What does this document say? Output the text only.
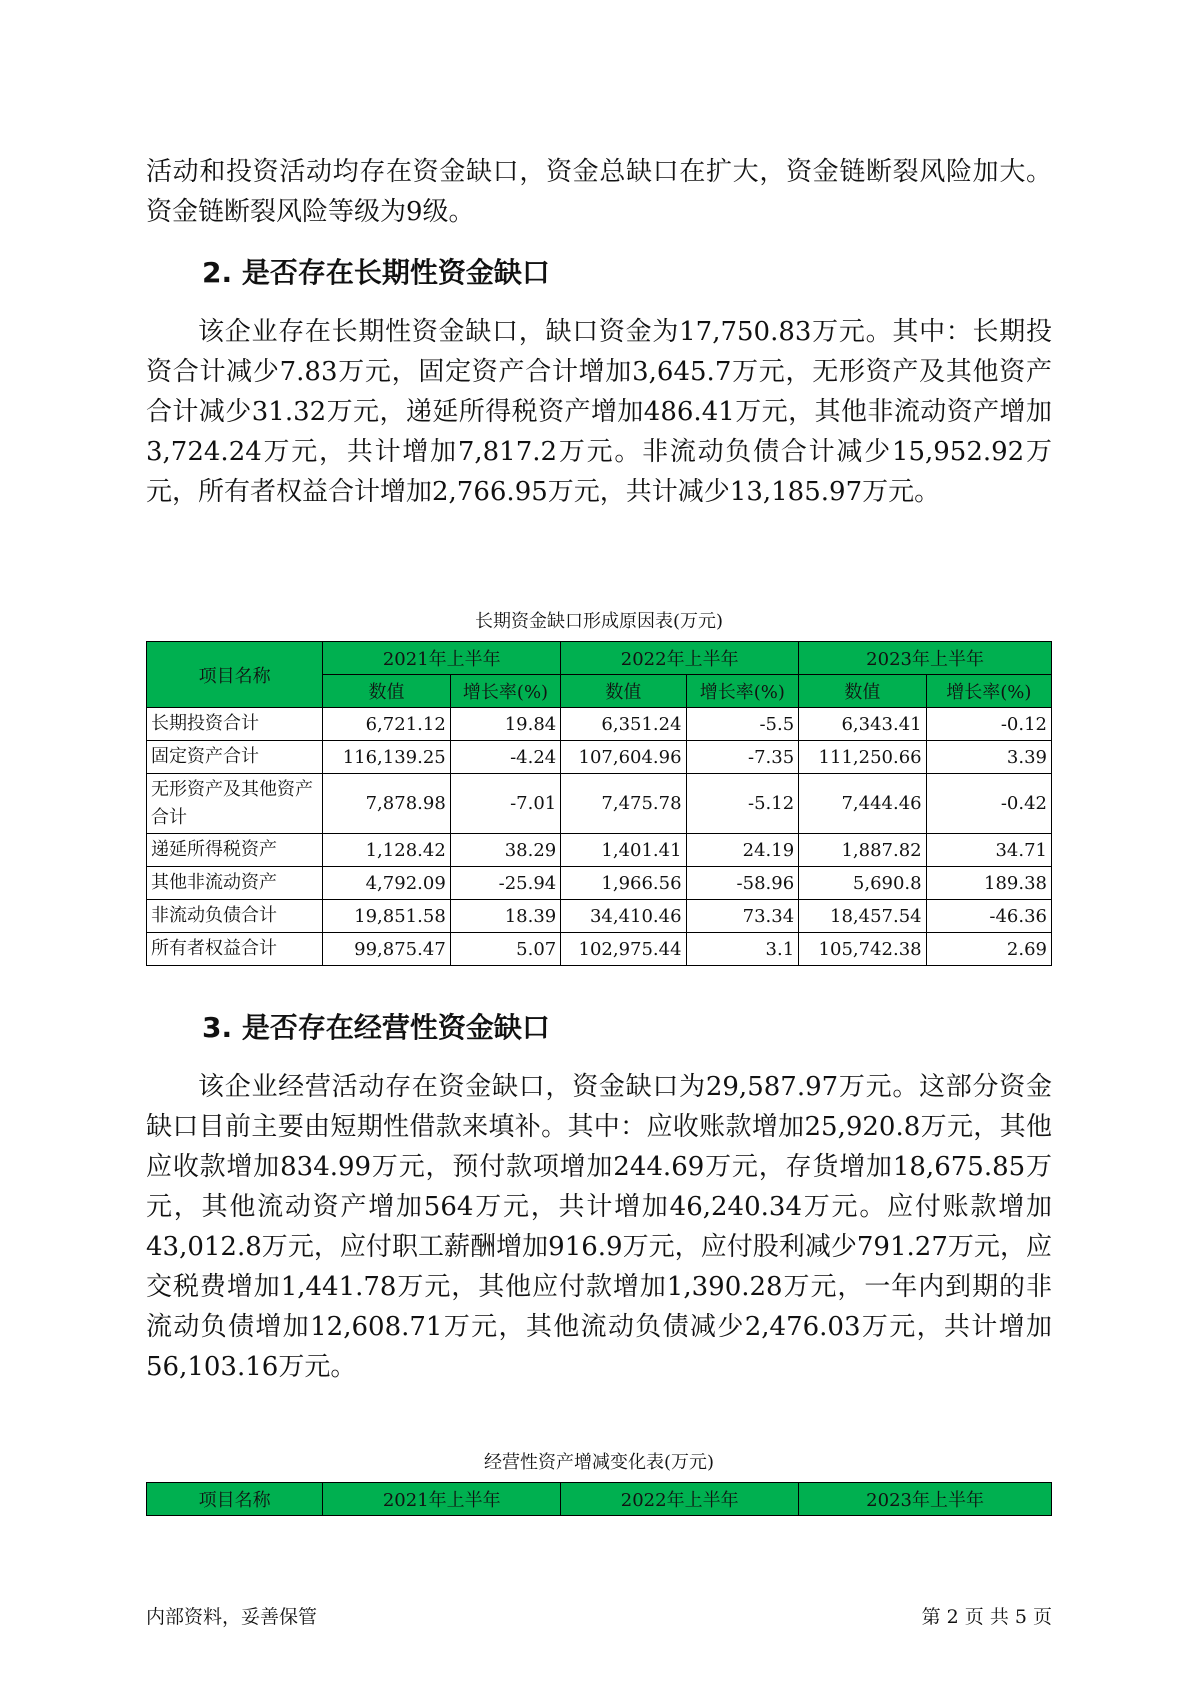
活动和投资活动均存在资金缺口，资金总缺口在扩大，资金链断裂风险加大。资金链断裂风险等级为9级。
2. 是否存在长期性资金缺口
该企业存在长期性资金缺口，缺口资金为17,750.83万元。其中：长期投资合计减少7.83万元，固定资产合计增加3,645.7万元，无形资产及其他资产合计减少31.32万元，递延所得税资产增加486.41万元，其他非流动资产增加3,724.24万元，共计增加7,817.2万元。非流动负债合计减少15,952.92万元，所有者权益合计增加2,766.95万元，共计减少13,185.97万元。
长期资金缺口形成原因表(万元)
项目名称	2021年上半年		2022年上半年		2023年上半年	
	数值	增长率(%)	数值	增长率(%)	数值	增长率(%)
长期投资合计	6,721.12	19.84	6,351.24	-5.5	6,343.41	-0.12
固定资产合计	116,139.25	-4.24	107,604.96	-7.35	111,250.66	3.39
无形资产及其他资产合计	7,878.98	-7.01	7,475.78	-5.12	7,444.46	-0.42
递延所得税资产	1,128.42	38.29	1,401.41	24.19	1,887.82	34.71
其他非流动资产	4,792.09	-25.94	1,966.56	-58.96	5,690.8	189.38
非流动负债合计	19,851.58	18.39	34,410.46	73.34	18,457.54	-46.36
所有者权益合计	99,875.47	5.07	102,975.44	3.1	105,742.38	2.69
3. 是否存在经营性资金缺口
该企业经营活动存在资金缺口，资金缺口为29,587.97万元。这部分资金缺口目前主要由短期性借款来填补。其中：应收账款增加25,920.8万元，其他应收款增加834.99万元，预付款项增加244.69万元，存货增加18,675.85万元，其他流动资产增加564万元，共计增加46,240.34万元。应付账款增加43,012.8万元，应付职工薪酬增加916.9万元，应付股利减少791.27万元，应交税费增加1,441.78万元，其他应付款增加1,390.28万元，一年内到期的非流动负债增加12,608.71万元，其他流动负债减少2,476.03万元，共计增加56,103.16万元。
经营性资产增减变化表(万元)
项目名称	2021年上半年	2022年上半年	2023年上半年
内部资料，妥善保管	第 2 页 共 5 页
